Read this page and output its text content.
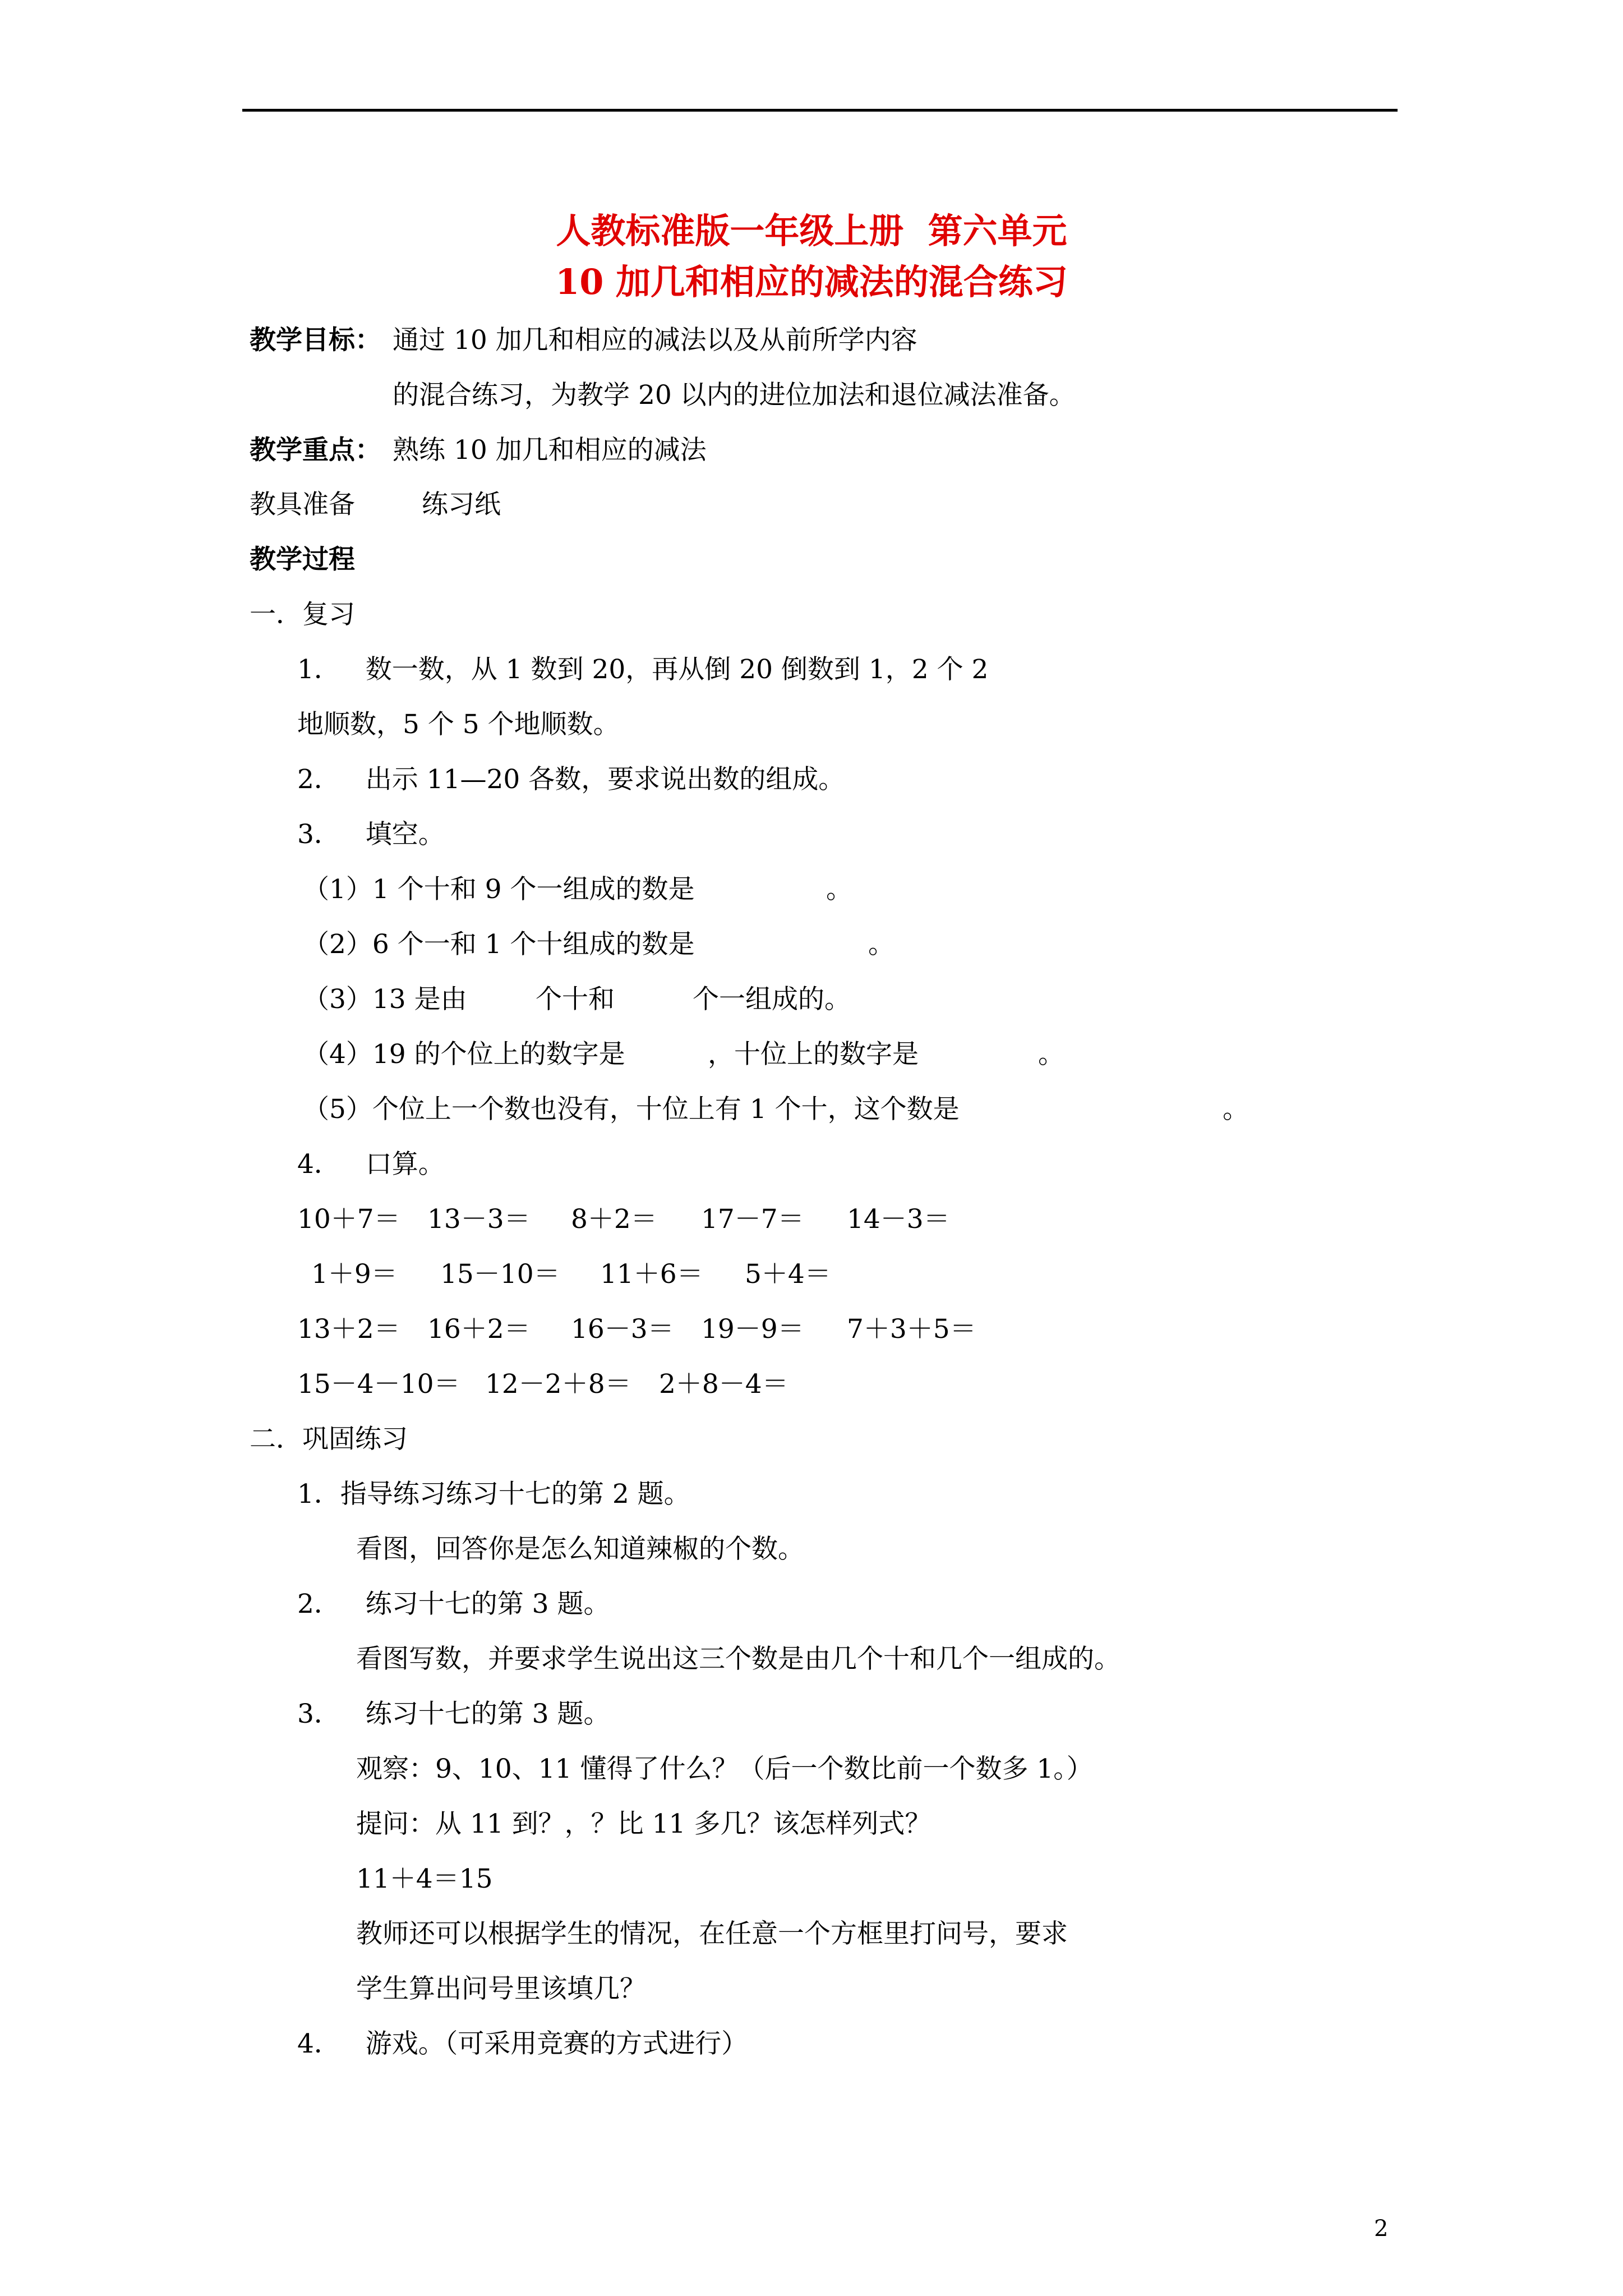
人教标准版一年级上册  第六单元
10 加几和相应的减法的混合练习
教学目标： 通过 10 加几和相应的减法以及从前所学内容
的混合练习，为教学 20 以内的进位加法和退位减法准备。
教学重点： 熟练 10 加几和相应的减法
教具准备	练习纸
教学过程
一．复习
1．   数一数，从 1 数到 20，再从倒 20 倒数到 1，2 个 2
地顺数，5 个 5 个地顺数。
2．   出示 11—20 各数，要求说出数的组成。
3．   填空。
（1）1 个十和 9 个一组成的数是	。
（2）6 个一和 1 个十组成的数是	。
（3）13 是由	个十和	个一组成的。
（4）19 的个位上的数字是	，十位上的数字是	。
（5）个位上一个数也没有，十位上有 1 个十，这个数是	。
4．   口算。
10＋7＝ 13－3＝ 8＋2＝ 17－7＝ 14－3＝
1＋9＝ 15－10＝ 11＋6＝ 5＋4＝
13＋2＝ 16＋2＝ 16－3＝ 19－9＝ 7＋3＋5＝
15－4－10＝ 12－2＋8＝ 2＋8－4＝
二．巩固练习
1．指导练习练习十七的第 2 题。
看图，回答你是怎么知道辣椒的个数。
2．   练习十七的第 3 题。
看图写数，并要求学生说出这三个数是由几个十和几个一组成的。
3．   练习十七的第 3 题。
观察：9、10、11 懂得了什么？（后一个数比前一个数多 1。）
提问：从 11 到？，？比 11 多几？该怎样列式？
11＋4＝15
教师还可以根据学生的情况，在任意一个方框里打问号，要求
学生算出问号里该填几？
4．   游戏。（可采用竞赛的方式进行）
2
